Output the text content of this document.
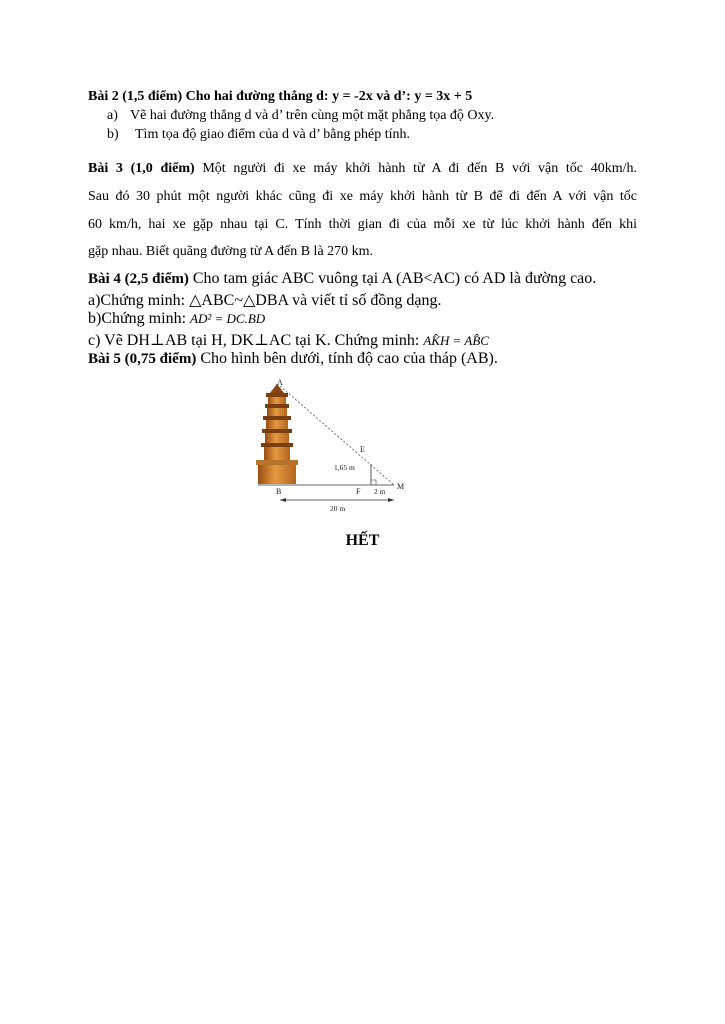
Bài 2 (1,5 điểm) Cho hai đường thẳng d: y = -2x và d’: y = 3x + 5
a) Vẽ hai đường thẳng d và d’ trên cùng một mặt phẳng tọa độ Oxy.
b) Tìm tọa độ giao điểm của d và d’ bằng phép tính.
Bài 3 (1,0 điểm) Một người đi xe máy khởi hành từ A đi đến B với vận tốc 40km/h.
Sau đó 30 phút một người khác cũng đi xe máy khởi hành từ B để đi đến A với vận tốc
60 km/h, hai xe gặp nhau tại C. Tính thời gian đi của mỗi xe từ lúc khởi hành đến khi
gặp nhau. Biết quãng đường từ A đến B là 270 km.
Bài 4 (2,5 điểm) Cho tam giác ABC vuông tại A (AB<AC) có AD là đường cao.
a)Chứng minh: △ABC~△DBA và viết tỉ số đồng dạng.
b)Chứng minh: AD² = DC.BD
c) Vẽ DH⊥AB tại H, DK⊥AC tại K. Chứng minh: AK̂H = AB̂C
Bài 5 (0,75 điểm) Cho hình bên dưới, tính độ cao của tháp (AB).
A
B
E
F
M
1,65 m
2 m
20 m
HẾT
